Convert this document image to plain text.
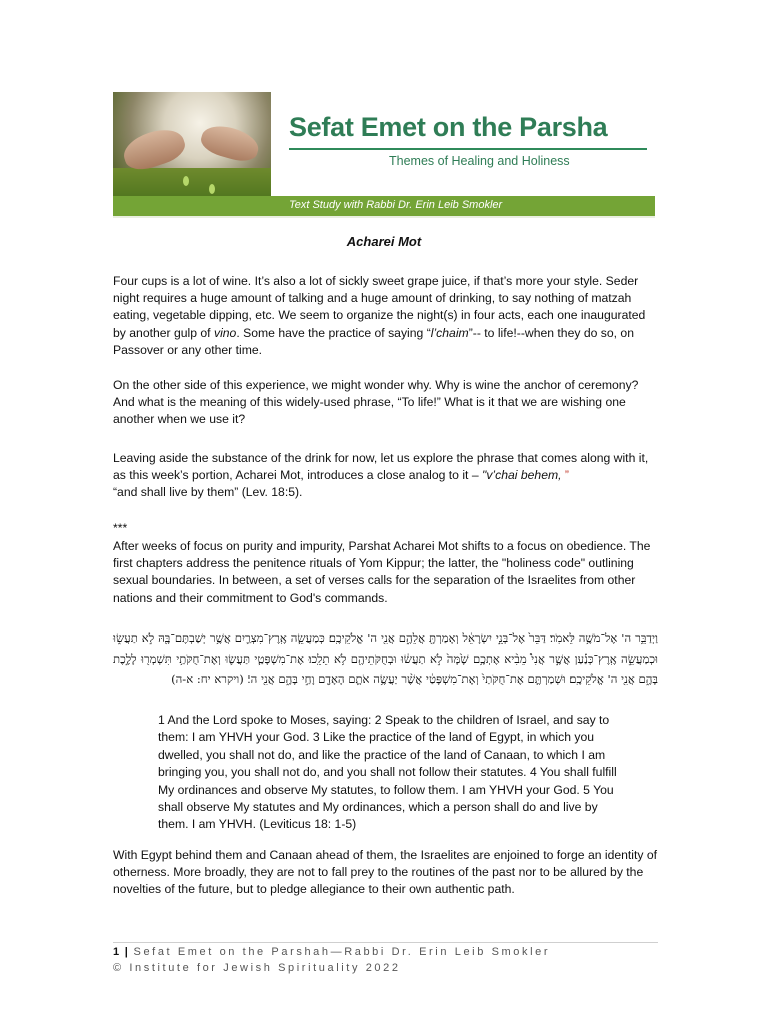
Sefat Emet on the Parsha
Themes of Healing and Holiness
Text Study with Rabbi Dr. Erin Leib Smokler
Acharei Mot

Four cups is a lot of wine. It’s also a lot of sickly sweet grape juice, if that’s more your style. Seder night requires a huge amount of talking and a huge amount of drinking, to say nothing of matzah eating, vegetable dipping, etc. We seem to organize the night(s) in four acts, each one inaugurated by another gulp of vino. Some have the practice of saying “l’chaim”-- to life!--when they do so, on Passover or any other time.

On the other side of this experience, we might wonder why. Why is wine the anchor of ceremony? And what is the meaning of this widely-used phrase, “To life!” What is it that we are wishing one another when we use it?

Leaving aside the substance of the drink for now, let us explore the phrase that comes along with it, as this week’s portion, Acharei Mot, introduces a close analog to it – "v’chai behem, ”
“and shall live by them” (Lev. 18:5).

***

After weeks of focus on purity and impurity, Parshat Acharei Mot shifts to a focus on obedience. The first chapters address the penitence rituals of Yom Kippur; the latter, the "holiness code" outlining sexual boundaries. In between, a set of verses calls for the separation of the Israelites from other nations and their commitment to God's commands.

וַיְדַבֵּ֥ר ה' אֶל־מֹשֶׁ֥ה לֵּאמֹֽר׃ דַּבֵּר֙ אֶל־בְּנֵ֣י יִשְׂרָאֵ֔ל וְאָמַרְתָּ֖ אֲלֵהֶ֑ם אֲנִ֖י ה' אֱלֹקֵיכֶֽם׃ כְּמַעֲשֵׂ֧ה אֶֽרֶץ־מִצְרַ֛יִם אֲשֶׁ֥ר יְשַׁבְתֶּם־בָּ֖הּ לֹ֣א תַעֲשׂ֑וּ וּכְמַעֲשֵׂ֣ה אֶֽרֶץ־כְּנַ֡עַן אֲשֶׁ֣ר אֲנִי֩ מֵבִ֨יא אֶתְכֶ֥ם שָׁ֙מָּה֙ לֹ֣א תַעֲשׂ֔וּ וּבְחֻקֹּתֵיהֶ֖ם לֹ֥א תֵלֵֽכוּ׃ אֶת־מִשְׁפָּטַ֧י תַּעֲשׂ֛וּ וְאֶת־חֻקֹּתַ֥י תִּשְׁמְר֖וּ לָלֶ֣כֶת בָּהֶ֑ם אֲנִ֖י ה' אֱלֹקֵיכֶֽם׃ וּשְׁמַרְתֶּ֤ם אֶת־חֻקֹּתַי֙ וְאֶת־מִשְׁפָּטַ֔י אֲשֶׁ֨ר יַעֲשֶׂ֥ה אֹתָ֛ם הָאָדָ֖ם וָחַ֣י בָּהֶ֑ם אֲנִ֖י ה'׃ (ויקרא יח: א-ה)

1 And the Lord spoke to Moses, saying: 2 Speak to the children of Israel, and say to them: I am YHVH your God. 3 Like the practice of the land of Egypt, in which you dwelled, you shall not do, and like the practice of the land of Canaan, to which I am bringing you, you shall not do, and you shall not follow their statutes. 4 You shall fulfill My ordinances and observe My statutes, to follow them. I am YHVH your God. 5 You shall observe My statutes and My ordinances, which a person shall do and live by them. I am YHVH. (Leviticus 18: 1-5)

With Egypt behind them and Canaan ahead of them, the Israelites are enjoined to forge an identity of otherness. More broadly, they are not to fall prey to the routines of the past nor to be allured by the novelties of the future, but to pledge allegiance to their own authentic path.

1 | Sefat Emet on the Parshah—Rabbi Dr. Erin Leib Smokler
© Institute for Jewish Spirituality 2022
